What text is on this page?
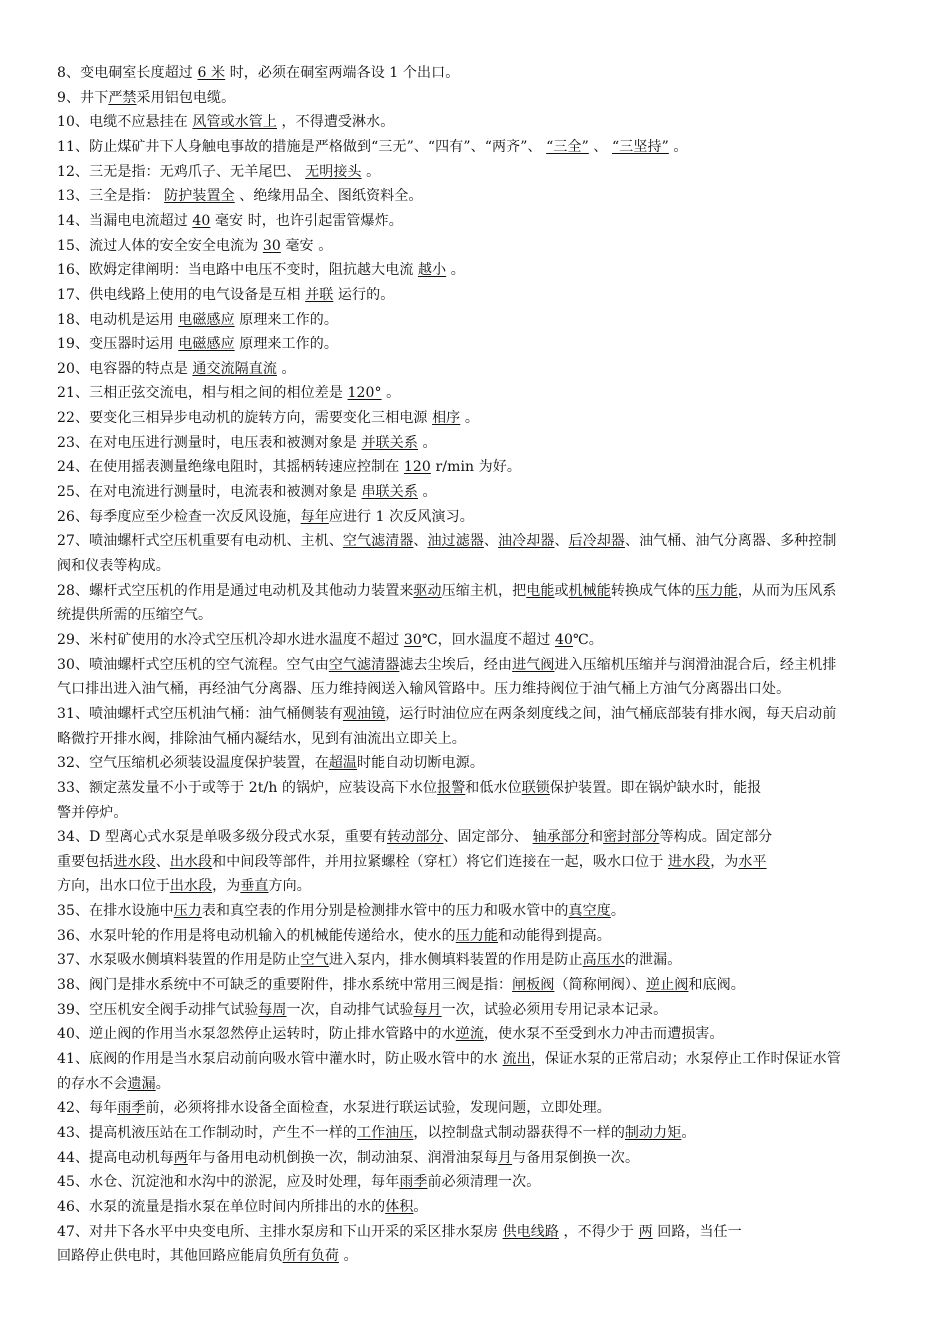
8、变电硐室长度超过 6 米 时，必须在硐室两端各设 1 个出口。
9、井下严禁采用铝包电缆。
10、电缆不应悬挂在 风管或水管上 ，不得遭受淋水。
11、防止煤矿井下人身触电事故的措施是严格做到“三无”、“四有”、“两齐”、 “三全” 、 “三坚持” 。
12、三无是指：无鸡爪子、无羊尾巴、 无明接头 。
13、三全是指： 防护装置全 、绝缘用品全、图纸资料全。
14、当漏电电流超过 40 毫安 时，也许引起雷管爆炸。
15、流过人体的安全安全电流为 30 毫安 。
16、欧姆定律阐明：当电路中电压不变时，阻抗越大电流 越小 。
17、供电线路上使用的电气设备是互相 并联 运行的。
18、电动机是运用 电磁感应 原理来工作的。
19、变压器时运用 电磁感应 原理来工作的。
20、电容器的特点是 通交流隔直流 。
21、三相正弦交流电，相与相之间的相位差是 120° 。
22、要变化三相异步电动机的旋转方向，需要变化三相电源 相序 。
23、在对电压进行测量时，电压表和被测对象是 并联关系 。
24、在使用摇表测量绝缘电阻时，其摇柄转速应控制在 120 r/min 为好。
25、在对电流进行测量时，电流表和被测对象是 串联关系 。
26、每季度应至少检查一次反风设施，每年应进行 1 次反风演习。
27、喷油螺杆式空压机重要有电动机、主机、空气滤清器、油过滤器、油冷却器、后冷却器、油气桶、油气分离器、多种控制
阀和仪表等构成。
28、螺杆式空压机的作用是通过电动机及其他动力装置来驱动压缩主机，把电能或机械能转换成气体的压力能，从而为压风系
统提供所需的压缩空气。
29、米村矿使用的水冷式空压机冷却水进水温度不超过 30℃，回水温度不超过 40℃。
30、喷油螺杆式空压机的空气流程。空气由空气滤清器滤去尘埃后，经由进气阀进入压缩机压缩并与润滑油混合后，经主机排
气口排出进入油气桶，再经油气分离器、压力维持阀送入输风管路中。压力维持阀位于油气桶上方油气分离器出口处。
31、喷油螺杆式空压机油气桶：油气桶侧装有观油镜，运行时油位应在两条刻度线之间，油气桶底部装有排水阀，每天启动前
略微拧开排水阀，排除油气桶内凝结水，见到有油流出立即关上。
32、空气压缩机必须装设温度保护装置，在超温时能自动切断电源。
33、额定蒸发量不小于或等于 2t/h 的锅炉，应装设高下水位报警和低水位联锁保护装置。即在锅炉缺水时，能报
警并停炉。
34、D 型离心式水泵是单吸多级分段式水泵，重要有转动部分、固定部分、 轴承部分和密封部分等构成。固定部分
重要包括进水段、出水段和中间段等部件，并用拉紧螺栓（穿杠）将它们连接在一起，吸水口位于 进水段，为水平
方向，出水口位于出水段，为垂直方向。
35、在排水设施中压力表和真空表的作用分别是检测排水管中的压力和吸水管中的真空度。
36、水泵叶轮的作用是将电动机输入的机械能传递给水，使水的压力能和动能得到提高。
37、水泵吸水侧填料装置的作用是防止空气进入泵内，排水侧填料装置的作用是防止高压水的泄漏。
38、阀门是排水系统中不可缺乏的重要附件，排水系统中常用三阀是指：闸板阀（简称闸阀）、逆止阀和底阀。
39、空压机安全阀手动排气试验每周一次，自动排气试验每月一次，试验必须用专用记录本记录。
40、逆止阀的作用当水泵忽然停止运转时，防止排水管路中的水逆流，使水泵不至受到水力冲击而遭损害。
41、底阀的作用是当水泵启动前向吸水管中灌水时，防止吸水管中的水 流出，保证水泵的正常启动；水泵停止工作时保证水管
的存水不会遗漏。
42、每年雨季前，必须将排水设备全面检查，水泵进行联运试验，发现问题，立即处理。
43、提高机液压站在工作制动时，产生不一样的工作油压，以控制盘式制动器获得不一样的制动力矩。
44、提高电动机每两年与备用电动机倒换一次，制动油泵、润滑油泵每月与备用泵倒换一次。
45、水仓、沉淀池和水沟中的淤泥，应及时处理，每年雨季前必须清理一次。
46、水泵的流量是指水泵在单位时间内所排出的水的体积。
47、对井下各水平中央变电所、主排水泵房和下山开采的采区排水泵房 供电线路 ，不得少于 两 回路，当任一
回路停止供电时，其他回路应能肩负所有负荷 。
